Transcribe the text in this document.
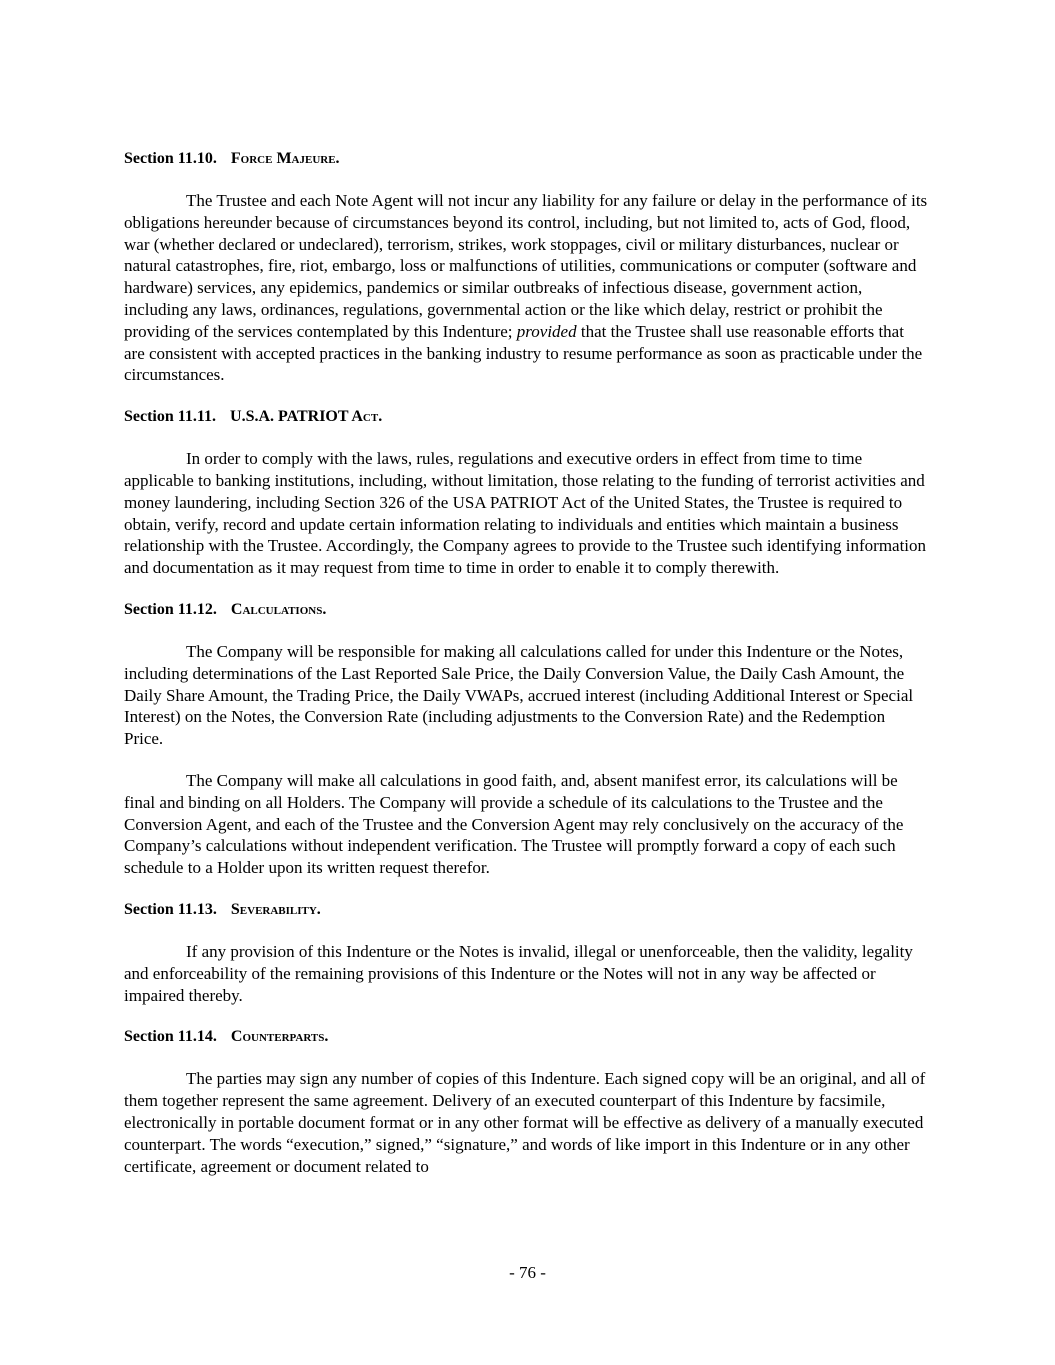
Section 11.10. Force Majeure.

The Trustee and each Note Agent will not incur any liability for any failure or delay in the performance of its obligations hereunder because of circumstances beyond its control, including, but not limited to, acts of God, flood, war (whether declared or undeclared), terrorism, strikes, work stoppages, civil or military disturbances, nuclear or natural catastrophes, fire, riot, embargo, loss or malfunctions of utilities, communications or computer (software and hardware) services, any epidemics, pandemics or similar outbreaks of infectious disease, government action, including any laws, ordinances, regulations, governmental action or the like which delay, restrict or prohibit the providing of the services contemplated by this Indenture; provided that the Trustee shall use reasonable efforts that are consistent with accepted practices in the banking industry to resume performance as soon as practicable under the circumstances.

Section 11.11. U.S.A. PATRIOT Act.

In order to comply with the laws, rules, regulations and executive orders in effect from time to time applicable to banking institutions, including, without limitation, those relating to the funding of terrorist activities and money laundering, including Section 326 of the USA PATRIOT Act of the United States, the Trustee is required to obtain, verify, record and update certain information relating to individuals and entities which maintain a business relationship with the Trustee. Accordingly, the Company agrees to provide to the Trustee such identifying information and documentation as it may request from time to time in order to enable it to comply therewith.

Section 11.12. Calculations.

The Company will be responsible for making all calculations called for under this Indenture or the Notes, including determinations of the Last Reported Sale Price, the Daily Conversion Value, the Daily Cash Amount, the Daily Share Amount, the Trading Price, the Daily VWAPs, accrued interest (including Additional Interest or Special Interest) on the Notes, the Conversion Rate (including adjustments to the Conversion Rate) and the Redemption Price.

The Company will make all calculations in good faith, and, absent manifest error, its calculations will be final and binding on all Holders. The Company will provide a schedule of its calculations to the Trustee and the Conversion Agent, and each of the Trustee and the Conversion Agent may rely conclusively on the accuracy of the Company’s calculations without independent verification. The Trustee will promptly forward a copy of each such schedule to a Holder upon its written request therefor.

Section 11.13. Severability.

If any provision of this Indenture or the Notes is invalid, illegal or unenforceable, then the validity, legality and enforceability of the remaining provisions of this Indenture or the Notes will not in any way be affected or impaired thereby.

Section 11.14. Counterparts.

The parties may sign any number of copies of this Indenture. Each signed copy will be an original, and all of them together represent the same agreement. Delivery of an executed counterpart of this Indenture by facsimile, electronically in portable document format or in any other format will be effective as delivery of a manually executed counterpart. The words “execution,” signed,” “signature,” and words of like import in this Indenture or in any other certificate, agreement or document related to

- 76 -
